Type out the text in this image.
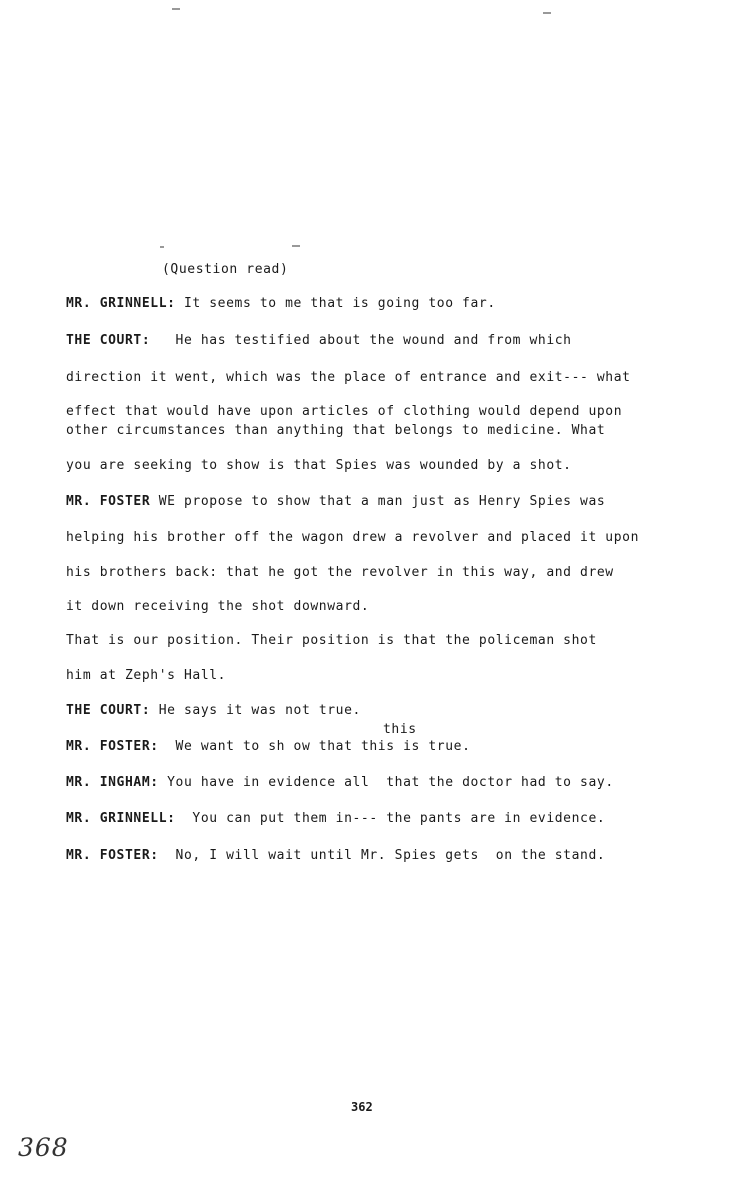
(Question read)
MR. GRINNELL: It seems to me that is going too far.
THE COURT:   He has testified about the wound and from which
direction it went, which was the place of entrance and exit--- what
effect that would have upon articles of clothing would depend upon
other circumstances than anything that belongs to medicine. What
you are seeking to show is that Spies was wounded by a shot.
MR. FOSTER WE propose to show that a man just as Henry Spies was
helping his brother off the wagon drew a revolver and placed it upon
his brothers back: that he got the revolver in this way, and drew
it down receiving the shot downward.
That is our position. Their position is that the policeman shot
him at Zeph's Hall.
THE COURT: He says it was not true.
MR. FOSTER:  We want to sh ow that this is true.
MR. INGHAM: You have in evidence all  that the doctor had to say.
MR. GRINNELL:  You can put them in--- the pants are in evidence.
MR. FOSTER:  No, I will wait until Mr. Spies gets  on the stand.
this
362
368
